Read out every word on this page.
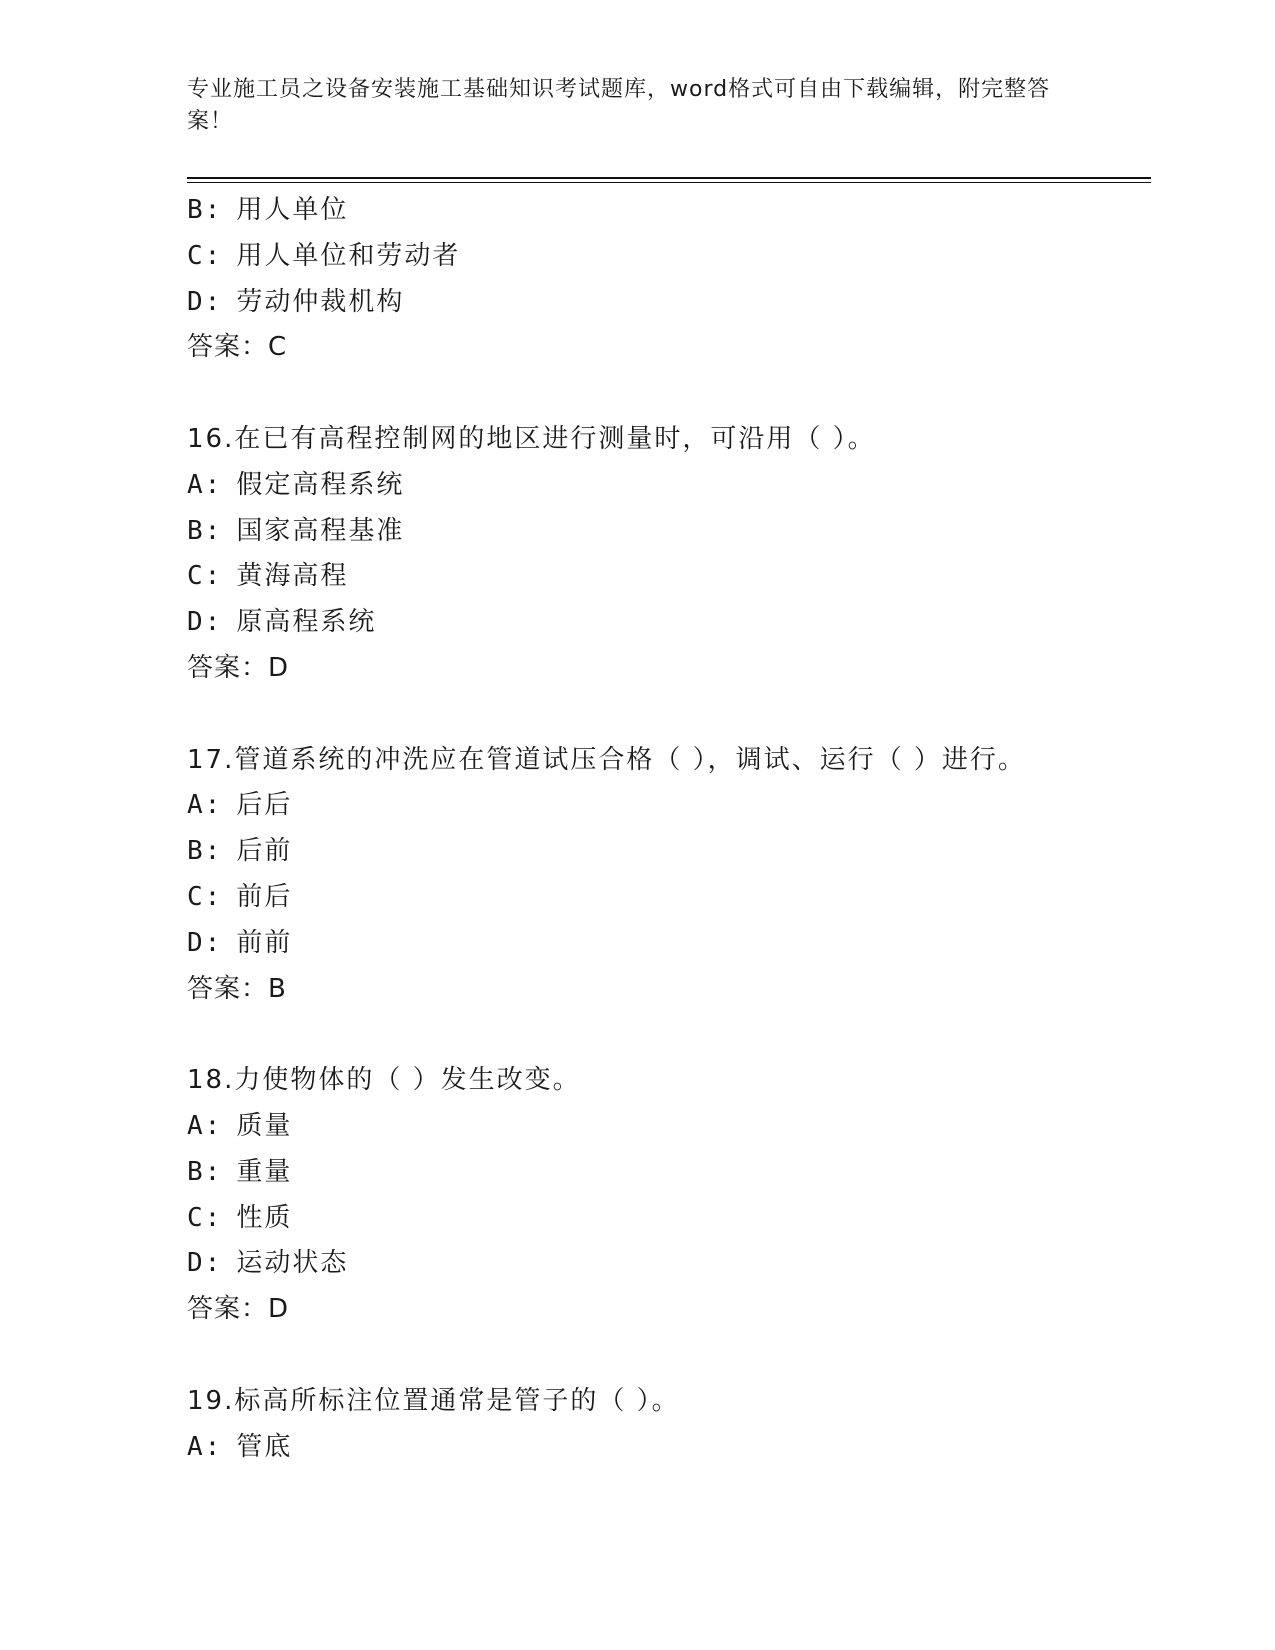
专业施工员之设备安装施工基础知识考试题库，word格式可自由下载编辑，附完整答案！
B: 用人单位
C: 用人单位和劳动者
D: 劳动仲裁机构
答案：C
16.在已有高程控制网的地区进行测量时，可沿用（ ）。
A: 假定高程系统
B: 国家高程基准
C: 黄海高程
D: 原高程系统
答案：D
17.管道系统的冲洗应在管道试压合格（ ），调试、运行（ ）进行。
A: 后后
B: 后前
C: 前后
D: 前前
答案：B
18.力使物体的（ ）发生改变。
A: 质量
B: 重量
C: 性质
D: 运动状态
答案：D
19.标高所标注位置通常是管子的（ ）。
A: 管底
